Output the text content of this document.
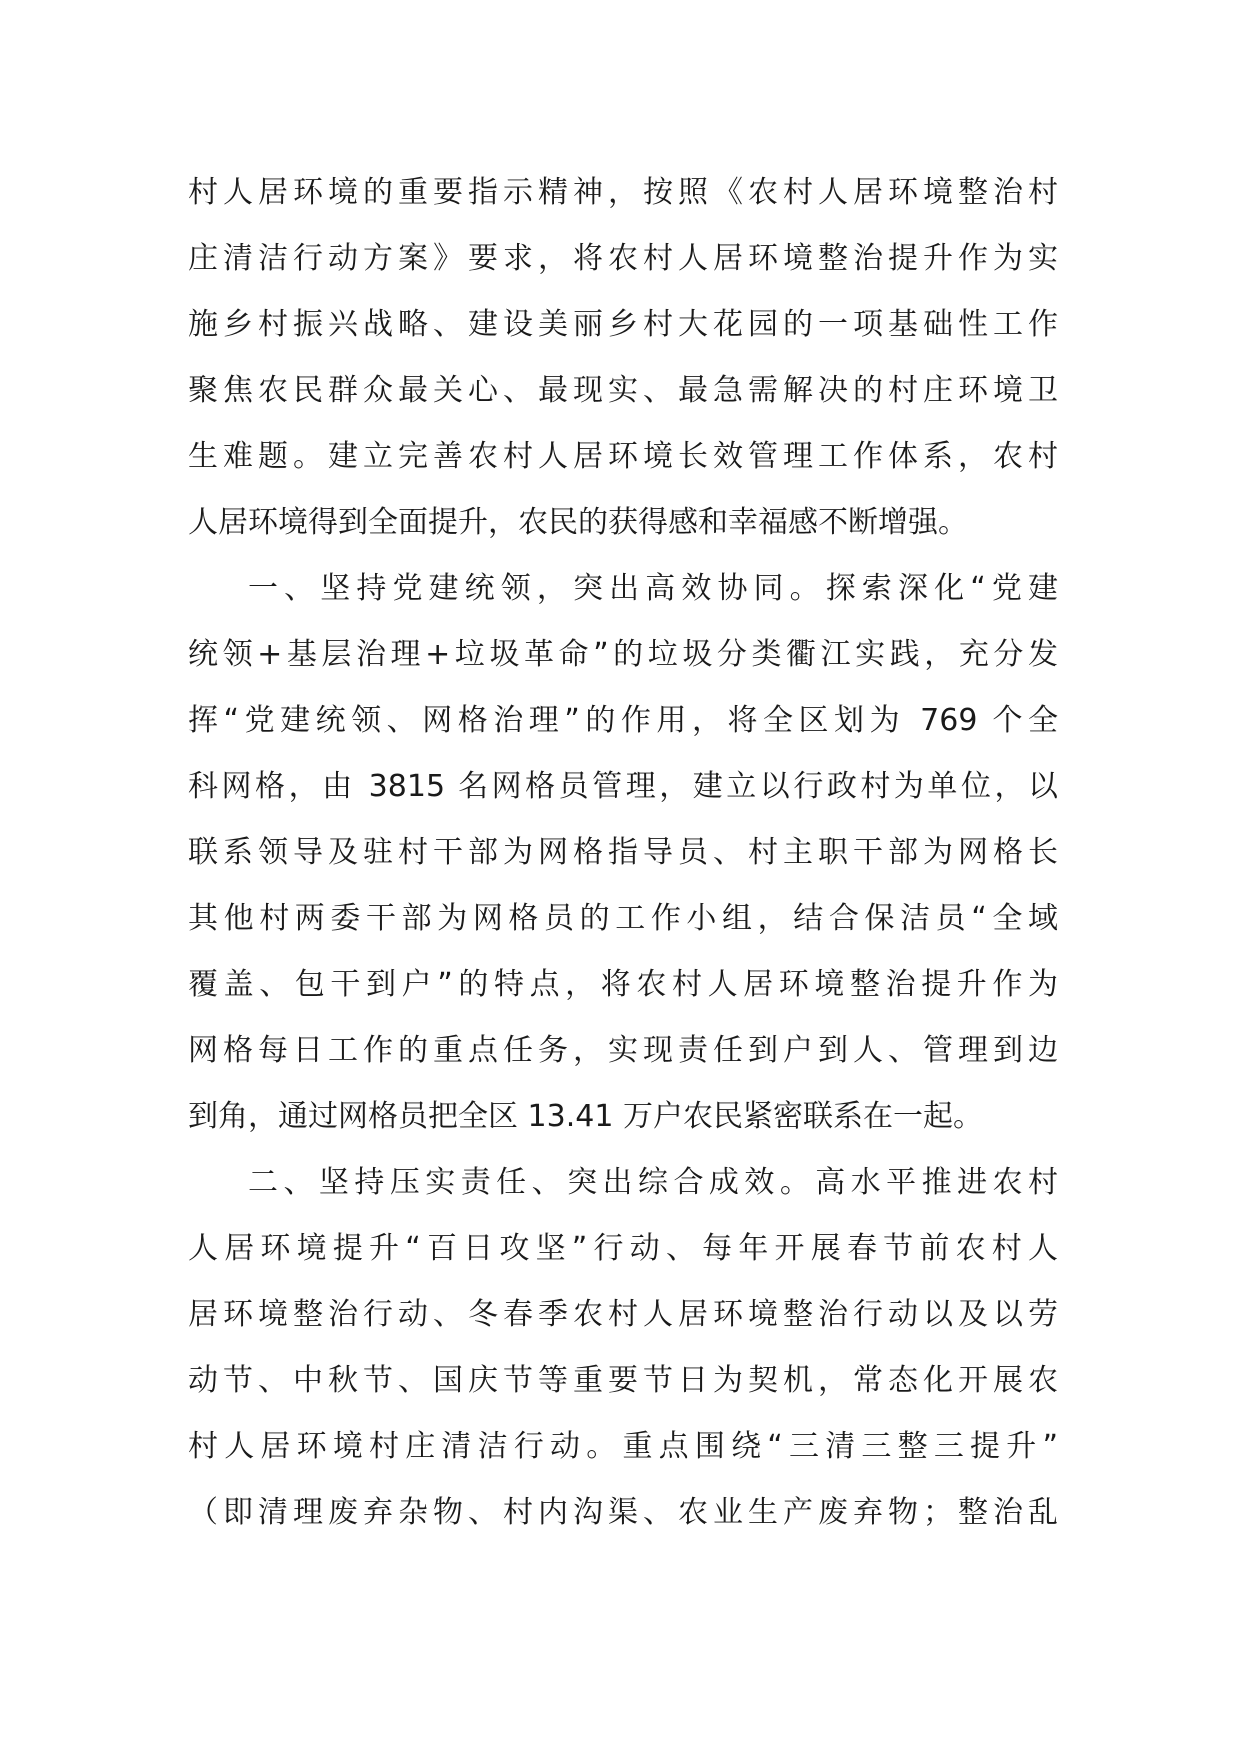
村人居环境的重要指示精神，按照《农村人居环境整治村
庄清洁行动方案》要求，将农村人居环境整治提升作为实
施乡村振兴战略、建设美丽乡村大花园的一项基础性工作
聚焦农民群众最关心、最现实、最急需解决的村庄环境卫
生难题。建立完善农村人居环境长效管理工作体系，农村
人居环境得到全面提升，农民的获得感和幸福感不断增强。
一、坚持党建统领，突出高效协同。探索深化“党建
统领+基层治理+垃圾革命”的垃圾分类衢江实践，充分发
挥“党建统领、网格治理”的作用，将全区划为 769 个全
科网格，由 3815 名网格员管理，建立以行政村为单位，以
联系领导及驻村干部为网格指导员、村主职干部为网格长
其他村两委干部为网格员的工作小组，结合保洁员“全域
覆盖、包干到户”的特点，将农村人居环境整治提升作为
网格每日工作的重点任务，实现责任到户到人、管理到边
到角，通过网格员把全区 13.41 万户农民紧密联系在一起。
二、坚持压实责任、突出综合成效。高水平推进农村
人居环境提升“百日攻坚”行动、每年开展春节前农村人
居环境整治行动、冬春季农村人居环境整治行动以及以劳
动节、中秋节、国庆节等重要节日为契机，常态化开展农
村人居环境村庄清洁行动。重点围绕“三清三整三提升”
（即清理废弃杂物、村内沟渠、农业生产废弃物；整治乱
